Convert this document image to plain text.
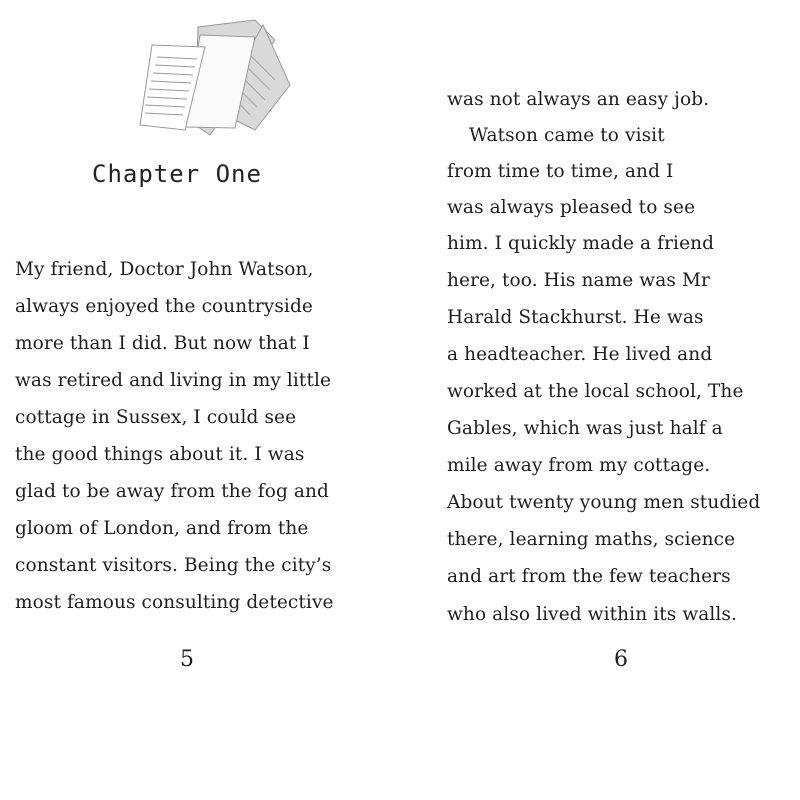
Chapter One
My friend, Doctor John Watson,
always enjoyed the countryside
more than I did. But now that I
was retired and living in my little
cottage in Sussex, I could see
the good things about it. I was
glad to be away from the fog and
gloom of London, and from the
constant visitors. Being the city’s
most famous consulting detective
5
was not always an easy job.
Watson came to visit
from time to time, and I
was always pleased to see
him. I quickly made a friend
here, too. His name was Mr
Harald Stackhurst. He was
a headteacher. He lived and
worked at the local school, The
Gables, which was just half a
mile away from my cottage.
About twenty young men studied
there, learning maths, science
and art from the few teachers
who also lived within its walls.
6
